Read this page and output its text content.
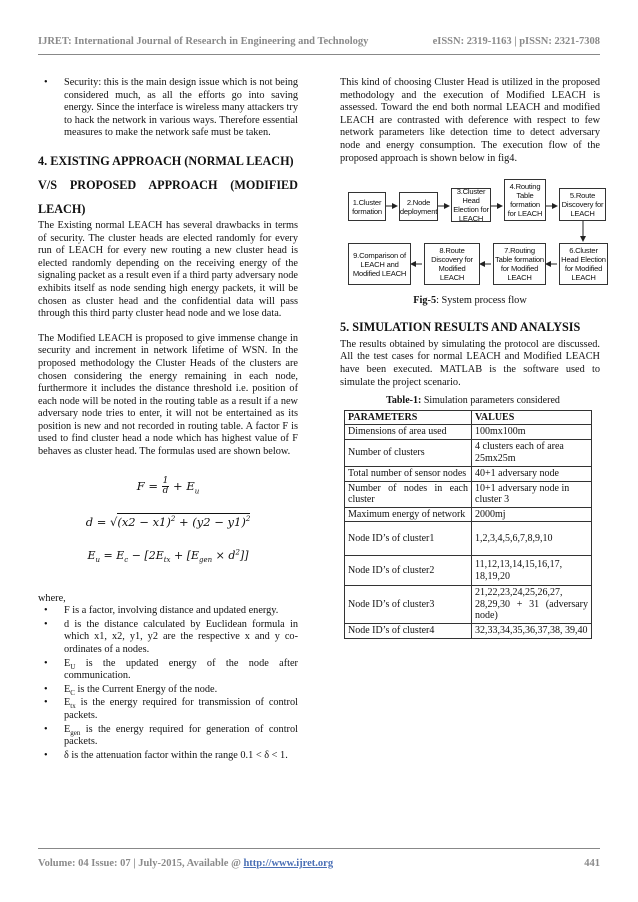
IJRET: International Journal of Research in Engineering and Technology	eISSN: 2319-1163 | pISSN: 2321-7308
• Security: this is the main design issue which is not being considered much, as all the efforts go into saving energy. Since the interface is wireless many attackers try to hack the network in various ways. Therefore essential measures to make the network safe must be taken.
4. EXISTING APPROACH (NORMAL LEACH)
V/S PROPOSED APPROACH (MODIFIED
LEACH)

The Existing normal LEACH has several drawbacks in terms of security. The cluster heads are elected randomly for every run of LEACH for every new routing a new cluster head is elected randomly depending on the receiving energy of the signaling packet as a result even if a third party adversary node exhibits itself as node sending high energy packets, it will be chosen as cluster head and the confidential data will pass through this third party cluster head node and we lose data.

The Modified LEACH is proposed to give immense change in security and increment in network lifetime of WSN. In the proposed methodology the Cluster Heads of the clusters are chosen considering the energy remaining in each node, furthermore it includes the distance threshold i.e. position of each node will be noted in the routing table as a result if a new adversary node tries to enter, it will not be entertained as its position is new and not recorded in routing table. A factor F is used to find cluster head a node which has highest value of F behaves as cluster head. The formulas used are shown below.

$F = \frac{1}{d} + E_u$
$d = √(x2 - x1)^2 + (y2 - y1)^2$
$E_u = E_c - [2E_{tx} + [E_{gen} \times d^2]]$
where,
• F is a factor, involving distance and updated energy.
• d is the distance calculated by Euclidean formula in which x1, x2, y1, y2 are the respective x and y co-ordinates of a nodes.
• $E_U$ is the updated energy of the node after communication.
• $E_C$ is the Current Energy of the node.
• $E_{tx}$ is the energy required for transmission of control packets.
• $E_{gen}$ is the energy required for generation of control packets.
• δ is the attenuation factor within the range 0.1 < δ < 1.

This kind of choosing Cluster Head is utilized in the proposed methodology and the execution of Modified LEACH is assessed. Toward the end both normal LEACH and modified LEACH are contrasted with deference with respect to few network parameters like detection time to detect adversary node and energy consumption. The execution flow of the proposed approach is shown below in fig4.

1.Cluster formation
2.Node deployment
3.Cluster Head Election for LEACH
4.Routing Table formation for LEACH
5.Route Discovery for LEACH
6.Cluster Head Election for Modified LEACH
7.Routing Table formation for Modified LEACH
8.Route Discovery for Modified LEACH
9.Comparison of LEACH and Modified LEACH
Fig-5: System process flow
5. SIMULATION RESULTS AND ANALYSIS

The results obtained by simulating the protocol are discussed. All the test cases for normal LEACH and Modified LEACH have been executed. MATLAB is the software used to simulate the project scenario.

Table-1: Simulation parameters considered
PARAMETERS	VALUES
Dimensions of area used	100mx100m
Number of clusters	4 clusters each of area 25mx25m
Total number of sensor nodes	40+1 adversary node
Number of nodes in each cluster	10+1 adversary node in cluster 3
Maximum energy of network	2000mj
Node ID’s of cluster1	1,2,3,4,5,6,7,8,9,10
Node ID’s of cluster2	11,12,13,14,15,16,17, 18,19,20
Node ID’s of cluster3	21,22,23,24,25,26,27, 28,29,30 + 31 (adversary node)
Node ID’s of cluster4	32,33,34,35,36,37,38, 39,40
Volume: 04 Issue: 07 | July-2015, Available @ http://www.ijret.org	441
